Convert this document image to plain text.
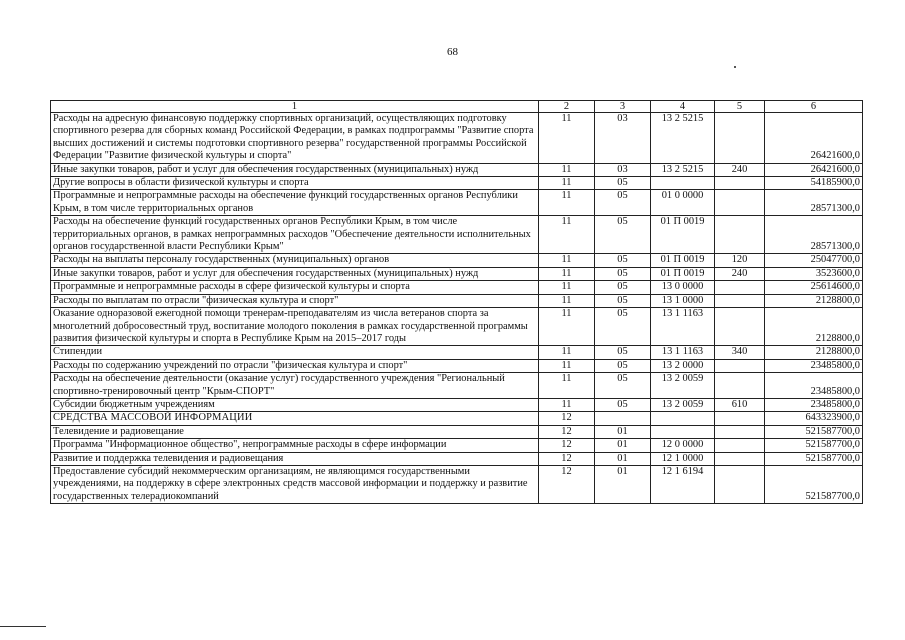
68
1	2	3	4	5	6
Расходы на адресную финансовую поддержку спортивных организаций, осуществляющих подготовку спортивного резерва для сборных команд Российской Федерации, в рамках подпрограммы "Развитие спорта высших достижений и системы подготовки спортивного резерва" государственной программы Российской Федерации "Развитие физической культуры и спорта"	11	03	13 2 5215		26421600,0
Иные закупки товаров, работ и услуг для обеспечения государственных (муниципальных) нужд	11	03	13 2 5215	240	26421600,0
Другие вопросы в области физической культуры и спорта	11	05			54185900,0
Программные и непрограммные расходы на обеспечение функций государственных органов Республики Крым, в том числе территориальных органов	11	05	01 0 0000		28571300,0
Расходы на обеспечение функций государственных органов Республики Крым, в том числе территориальных органов, в рамках непрограммных расходов "Обеспечение деятельности исполнительных органов государственной власти Республики Крым"	11	05	01 П 0019		28571300,0
Расходы на выплаты персоналу государственных (муниципальных) органов	11	05	01 П 0019	120	25047700,0
Иные закупки товаров, работ и услуг для обеспечения государственных (муниципальных) нужд	11	05	01 П 0019	240	3523600,0
Программные и непрограммные расходы в сфере физической культуры и спорта	11	05	13 0 0000		25614600,0
Расходы по выплатам по отрасли "физическая культура и спорт"	11	05	13 1 0000		2128800,0
Оказание одноразовой ежегодной помощи тренерам-преподавателям из числа ветеранов спорта за многолетний добросовестный труд, воспитание молодого поколения в рамках государственной программы развития физической культуры и спорта в Республике Крым на 2015–2017 годы	11	05	13 1 1163		2128800,0
Стипендии	11	05	13 1 1163	340	2128800,0
Расходы по содержанию учреждений по отрасли "физическая культура и спорт"	11	05	13 2 0000		23485800,0
Расходы на обеспечение деятельности (оказание услуг) государственного учреждения "Региональный спортивно-тренировочный центр "Крым-СПОРТ"	11	05	13 2 0059		23485800,0
Субсидии бюджетным учреждениям	11	05	13 2 0059	610	23485800,0
СРЕДСТВА МАССОВОЙ ИНФОРМАЦИИ	12				643323900,0
Телевидение и радиовещание	12	01			521587700,0
Программа "Информационное общество", непрограммные расходы в сфере информации	12	01	12 0 0000		521587700,0
Развитие и поддержка телевидения и радиовещания	12	01	12 1 0000		521587700,0
Предоставление субсидий некоммерческим организациям, не являющимся государственными учреждениями, на поддержку в сфере электронных средств массовой информации и поддержку и развитие государственных телерадиокомпаний	12	01	12 1 6194		521587700,0
